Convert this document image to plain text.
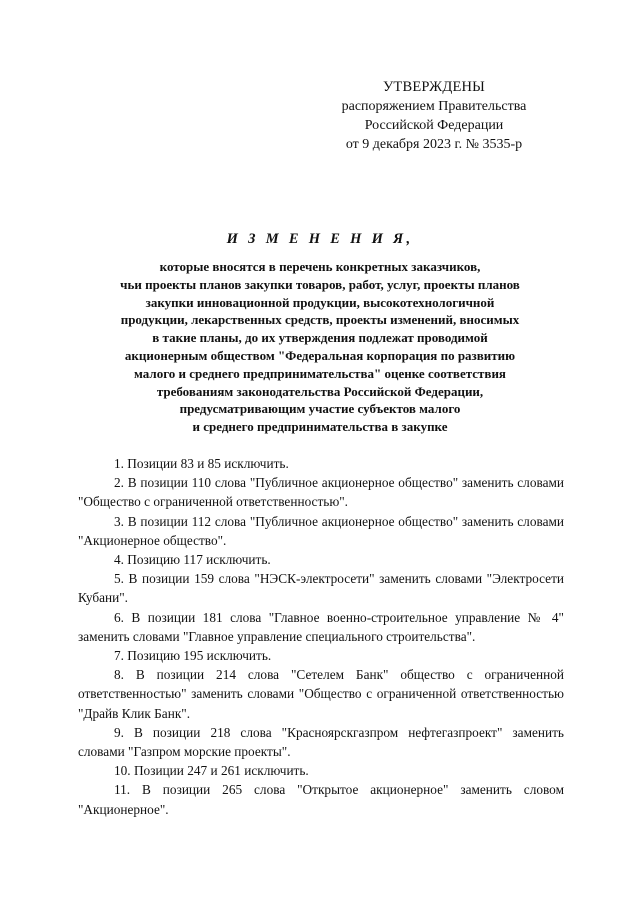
УТВЕРЖДЕНЫ
распоряжением Правительства
Российской Федерации
от 9 декабря 2023 г. № 3535-р
И З М Е Н Е Н И Я,
которые вносятся в перечень конкретных заказчиков,
чьи проекты планов закупки товаров, работ, услуг, проекты планов
закупки инновационной продукции, высокотехнологичной
продукции, лекарственных средств, проекты изменений, вносимых
в такие планы, до их утверждения подлежат проводимой
акционерным обществом "Федеральная корпорация по развитию
малого и среднего предпринимательства" оценке соответствия
требованиям законодательства Российской Федерации,
предусматривающим участие субъектов малого
и среднего предпринимательства в закупке

1. Позиции 83 и 85 исключить.

2. В позиции 110 слова "Публичное акционерное общество" заменить словами "Общество с ограниченной ответственностью".

3. В позиции 112 слова "Публичное акционерное общество" заменить словами "Акционерное общество".

4. Позицию 117 исключить.

5. В позиции 159 слова "НЭСК-электросети" заменить словами "Электросети Кубани".

6. В позиции 181 слова "Главное военно-строительное управление № 4" заменить словами "Главное управление специального строительства".

7. Позицию 195 исключить.

8. В позиции 214 слова "Сетелем Банк" общество с ограниченной ответственностью" заменить словами "Общество с ограниченной ответственностью "Драйв Клик Банк".

9. В позиции 218 слова "Красноярскгазпром нефтегазпроект" заменить словами "Газпром морские проекты".

10. Позиции 247 и 261 исключить.

11. В позиции 265 слова "Открытое акционерное" заменить словом "Акционерное".
